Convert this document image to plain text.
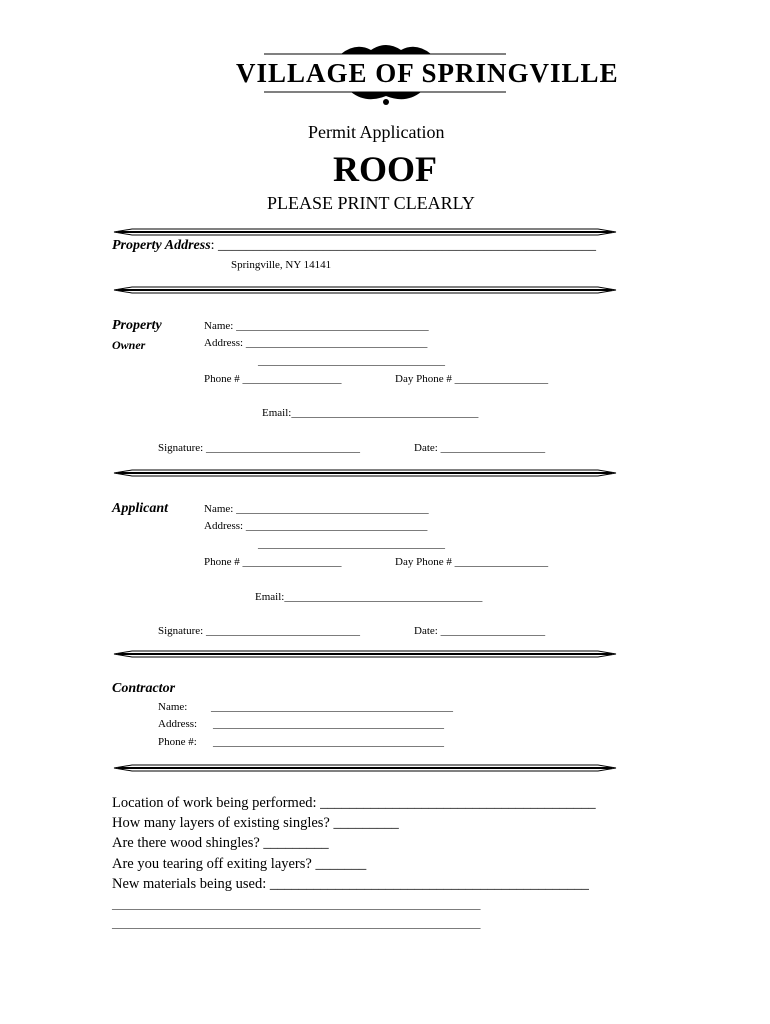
VILLAGE OF SPRINGVILLE
Permit Application
ROOF
PLEASE PRINT CLEARLY
Property Address: ______________________________________________________
Springville, NY 14141
Property
Owner
Name: ___________________________________
Address: _________________________________
__________________________________
Phone # __________________	Day Phone # _________________
Email:__________________________________
Signature: ____________________________	Date: ___________________
Applicant	Name: ___________________________________
Address: _________________________________
__________________________________
Phone # __________________	Day Phone # _________________
Email:____________________________________
Signature: ____________________________	Date: ___________________
Contractor
Name: ____________________________________________
Address: __________________________________________
Phone #: __________________________________________
Location of work being performed: ______________________________________
How many layers of existing singles? _________
Are there wood shingles? _________
Are you tearing off exiting layers? _______
New materials being used: ____________________________________________
___________________________________________________________________
___________________________________________________________________
